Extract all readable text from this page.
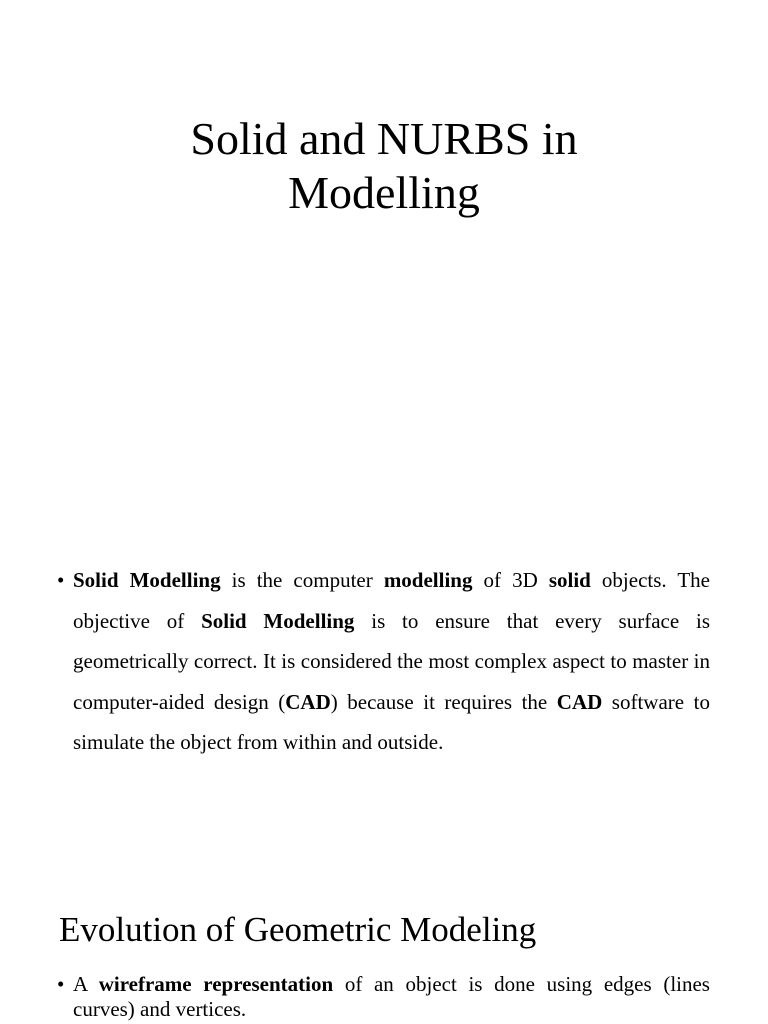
Solid and NURBS in
Modelling
• Solid Modelling is the computer modelling of 3D solid objects. The objective of Solid Modelling is to ensure that every surface is geometrically correct. It is considered the most complex aspect to master in computer-aided design (CAD) because it requires the CAD software to simulate the object from within and outside.
Evolution of Geometric Modeling
• A wireframe representation of an object is done using edges (lines curves) and vertices.
